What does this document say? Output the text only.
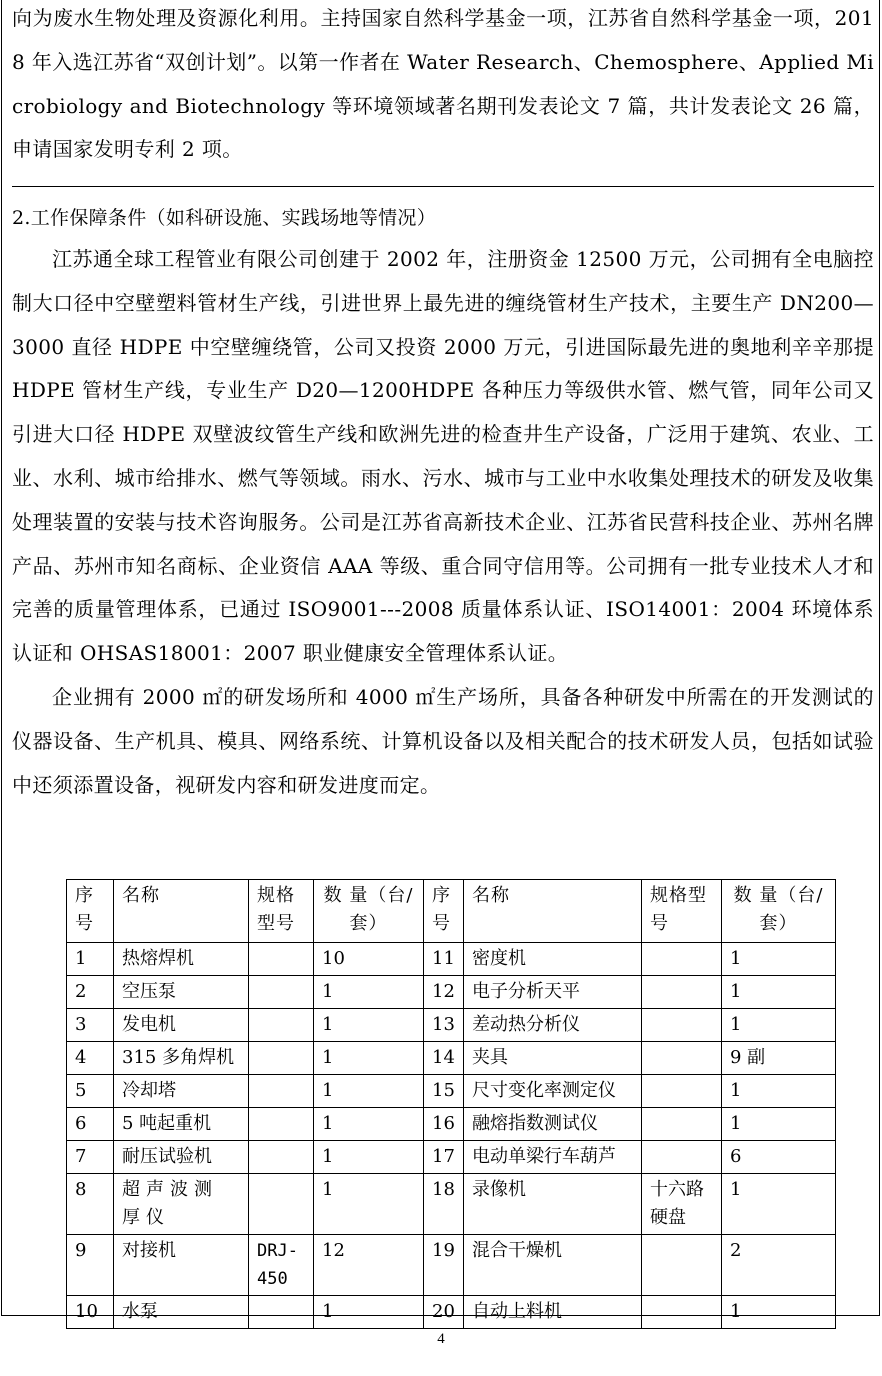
向为废水生物处理及资源化利用。主持国家自然科学基金一项，江苏省自然科学基金一项，2018 年入选江苏省“双创计划”。以第一作者在 Water Research、Chemosphere、Applied Microbiology and Biotechnology 等环境领域著名期刊发表论文 7 篇，共计发表论文 26 篇，申请国家发明专利 2 项。

2.工作保障条件（如科研设施、实践场地等情况）

江苏通全球工程管业有限公司创建于 2002 年，注册资金 12500 万元，公司拥有全电脑控制大口径中空壁塑料管材生产线，引进世界上最先进的缠绕管材生产技术，主要生产 DN200—3000 直径 HDPE 中空壁缠绕管，公司又投资 2000 万元，引进国际最先进的奥地利辛辛那提 HDPE 管材生产线，专业生产 D20—1200HDPE 各种压力等级供水管、燃气管，同年公司又引进大口径 HDPE 双壁波纹管生产线和欧洲先进的检查井生产设备，广泛用于建筑、农业、工业、水利、城市给排水、燃气等领域。雨水、污水、城市与工业中水收集处理技术的研发及收集处理装置的安装与技术咨询服务。公司是江苏省高新技术企业、江苏省民营科技企业、苏州名牌产品、苏州市知名商标、企业资信 AAA 等级、重合同守信用等。公司拥有一批专业技术人才和完善的质量管理体系，已通过 ISO9001---2008 质量体系认证、ISO14001：2004 环境体系认证和 OHSAS18001：2007 职业健康安全管理体系认证。

企业拥有 2000 ㎡的研发场所和 4000 ㎡生产场所，具备各种研发中所需在的开发测试的仪器设备、生产机具、模具、网络系统、计算机设备以及相关配合的技术研发人员，包括如试验中还须添置设备，视研发内容和研发进度而定。

序号	名称	规格型号	数 量（台/套）	序号	名称	规格型号	数 量（台/套）
1	热熔焊机		10	11	密度机		1
2	空压泵		1	12	电子分析天平		1
3	发电机		1	13	差动热分析仪		1
4	315 多角焊机		1	14	夹具		9 副
5	冷却塔		1	15	尺寸变化率测定仪		1
6	5 吨起重机		1	16	融熔指数测试仪		1
7	耐压试验机		1	17	电动单梁行车葫芦		6
8	超声波测厚仪		1	18	录像机	十六路硬盘	1
9	对接机	DRJ-450	12	19	混合干燥机		2
10	水泵		1	20	自动上料机		1
4
